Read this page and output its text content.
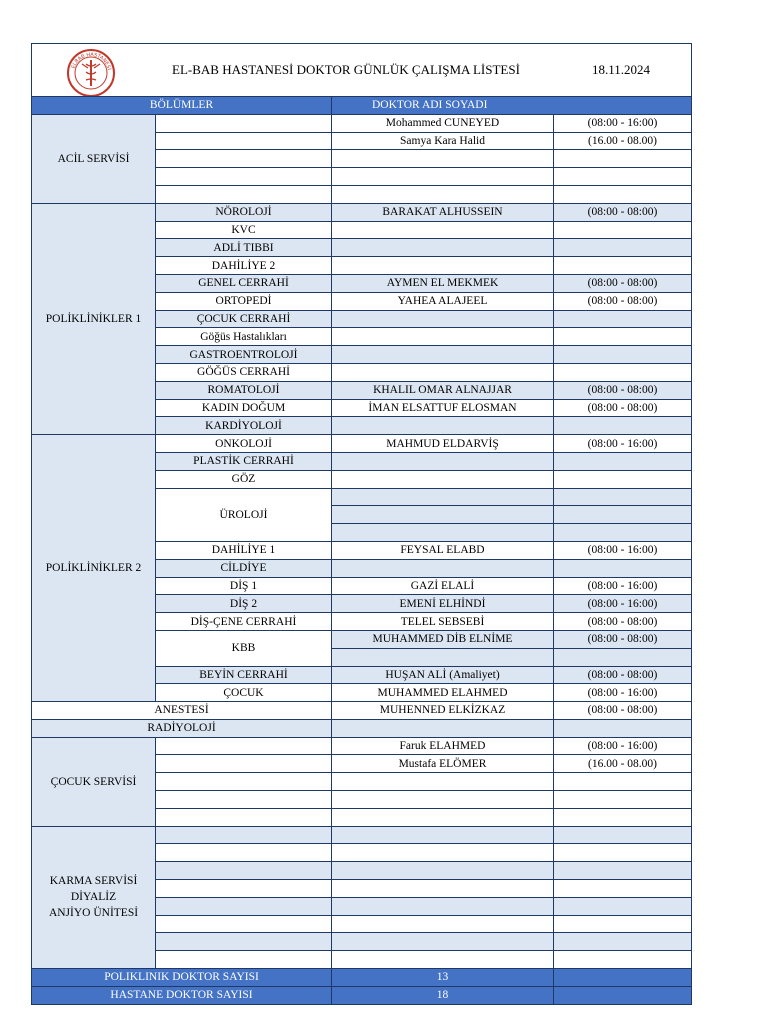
ELBAB HASTANESİ EL-BAB HASTANESİ DOKTOR GÜNLÜK ÇALIŞMA LİSTESİ 18.11.2024			

BÖLÜMLER		DOKTOR ADI SOYADI	
ACİL SERVİSİ		Mohammed CUNEYED	(08:00 - 16:00)
		Samya Kara Halid	(16.00 - 08.00)

POLİKLİNİKLER 1	NÖROLOJİ	BARAKAT ALHUSSEIN	(08:00 - 08:00)
	KVC		
	ADLİ TIBBI		
	DAHİLİYE 2		
	GENEL CERRAHİ	AYMEN EL MEKMEK	(08:00 - 08:00)
	ORTOPEDİ	YAHEA ALAJEEL	(08:00 - 08:00)
	ÇOCUK CERRAHİ		
	Göğüs Hastalıkları		
	GASTROENTROLOJİ		
	GÖĞÜS CERRAHİ		
	ROMATOLOJİ	KHALIL OMAR ALNAJJAR	(08:00 - 08:00)
	KADIN DOĞUM	İMAN ELSATTUF ELOSMAN	(08:00 - 08:00)
	KARDİYOLOJİ		
POLİKLİNİKLER 2	ONKOLOJİ	MAHMUD ELDARVİŞ	(08:00 - 16:00)
	PLASTİK CERRAHİ		
	GÖZ		
	ÜROLOJİ		

	DAHİLİYE 1	FEYSAL ELABD	(08:00 - 16:00)
	CİLDİYE		
	DİŞ 1	GAZİ ELALİ	(08:00 - 16:00)
	DİŞ 2	EMENİ ELHİNDİ	(08:00 - 16:00)
	DİŞ-ÇENE CERRAHİ	TELEL SEBSEBİ	(08:00 - 08:00)
	KBB	MUHAMMED DİB ELNİME	(08:00 - 08:00)

	BEYİN CERRAHİ	HUŞAN ALİ (Amaliyet)	(08:00 - 08:00)
	ÇOCUK	MUHAMMED ELAHMED	(08:00 - 16:00)
ANESTESİ		MUHENNED ELKİZKAZ	(08:00 - 08:00)
RADİYOLOJİ			
ÇOCUK SERVİSİ		Faruk ELAHMED	(08:00 - 16:00)
		Mustafa ELÖMER	(16.00 - 08.00)

KARMA SERVİSİ
DİYALİZ
ANJİYO ÜNİTESİ			

POLIKLINIK DOKTOR SAYISI		13	
HASTANE DOKTOR SAYISI		18	
